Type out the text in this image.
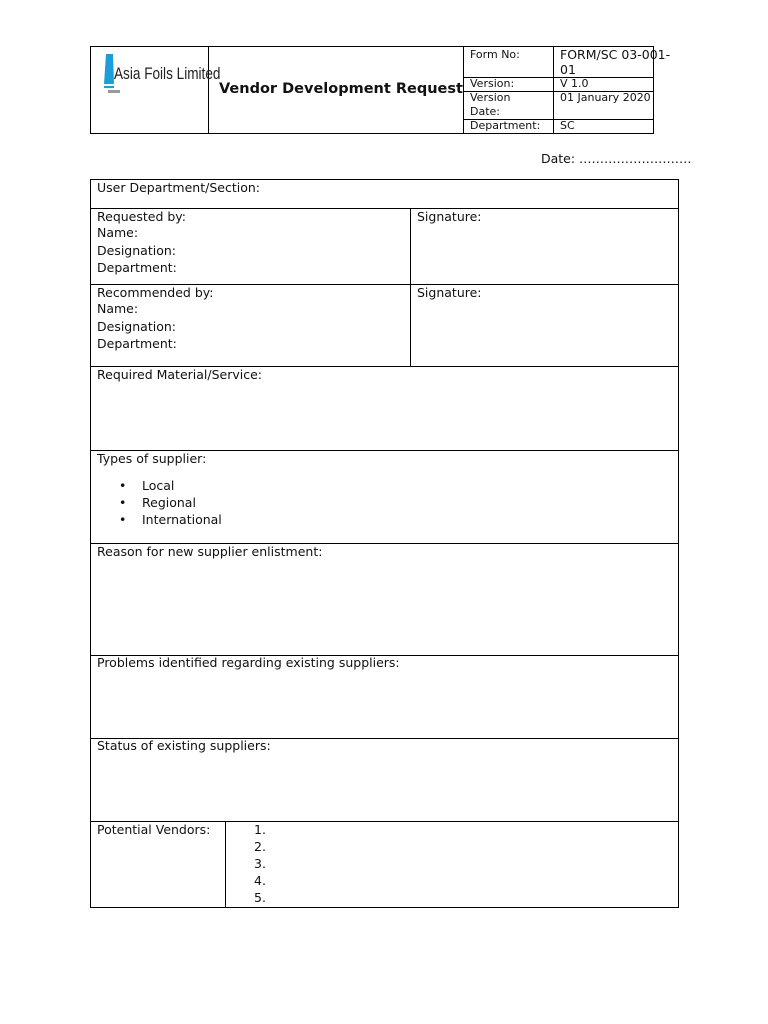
Asia Foils Limited
Vendor Development Request
Form No:	FORM/SC 03-001-
01
Version:	V 1.0
Version
Date:
01 January 2020
Department: SC
Date: ………………………
User Department/Section:
Requested by:
Name:
Designation:
Department:
Signature:
Recommended by:
Name:
Designation:
Department:
Signature:
Required Material/Service:
Types of supplier:
• Local
• Regional
• International
Reason for new supplier enlistment:
Problems identified regarding existing suppliers:
Status of existing suppliers:
Potential Vendors:	1.
2.
3.
4.
5.
